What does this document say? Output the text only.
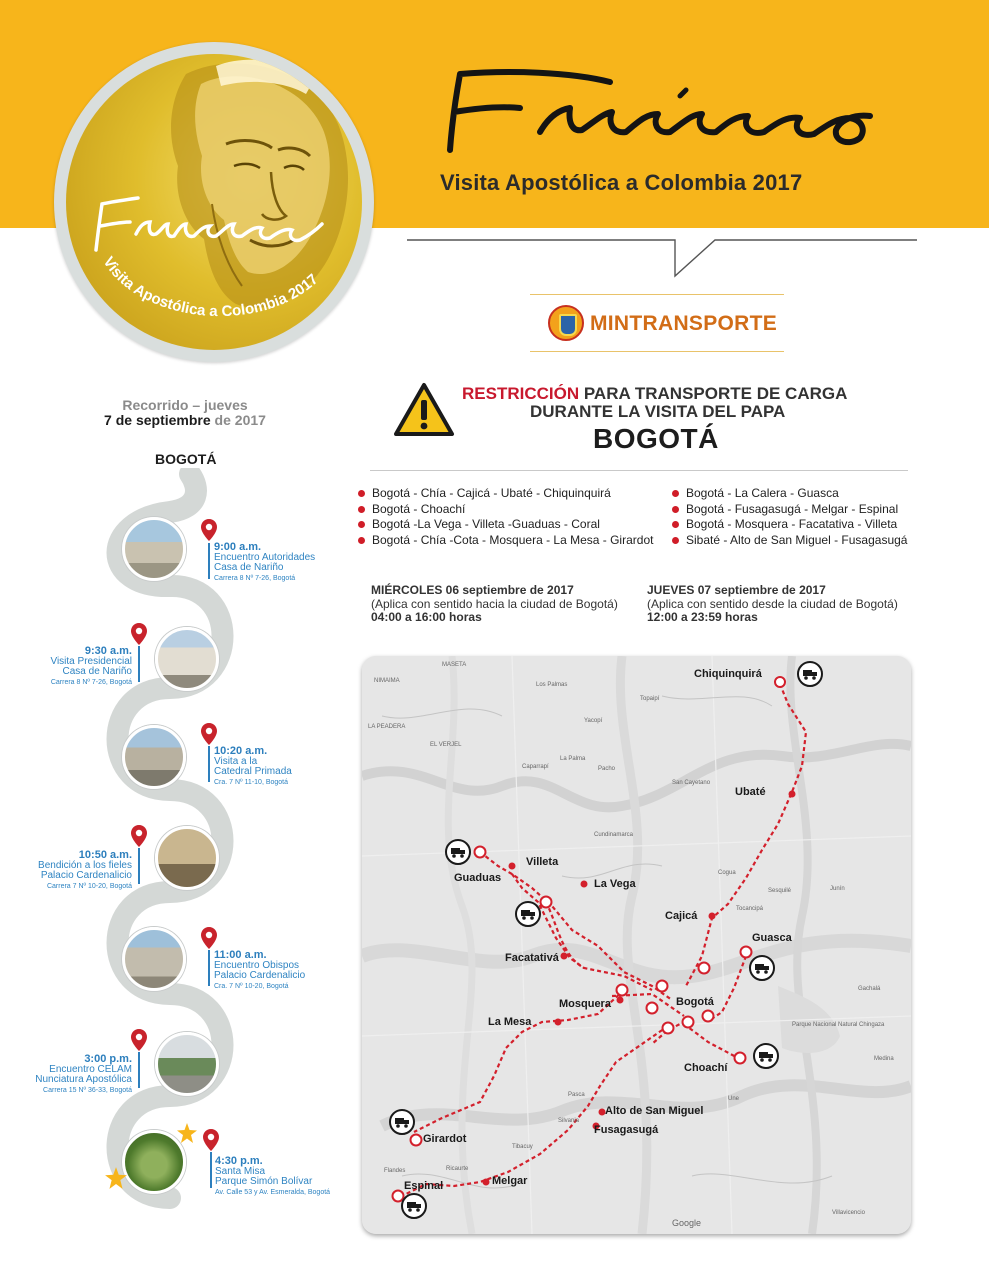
Visita Apostólica a Colombia 2017
Visita Apostólica a Colombia 2017
MINTRANSPORTE
RESTRICCIÓN PARA TRANSPORTE DE CARGA
DURANTE LA VISITA DEL PAPA
BOGOTÁ
Bogotá - Chía - Cajicá - Ubaté - Chiquinquirá
Bogotá - Choachí
Bogotá -La Vega - Villeta -Guaduas - Coral
Bogotá - Chía -Cota - Mosquera - La Mesa - Girardot
Bogotá - La Calera - Guasca
Bogotá - Fusagasugá - Melgar - Espinal
Bogotá - Mosquera - Facatativa - Villeta
Sibaté - Alto de San Miguel - Fusagasugá
MIÉRCOLES 06 septiembre de 2017
(Aplica con sentido hacia la ciudad de Bogotá)
04:00 a 16:00 horas
JUEVES 07 septiembre de 2017
(Aplica con sentido desde la ciudad de Bogotá)
12:00 a 23:59 horas
Chiquinquirá
Ubaté
Guaduas
Villeta
La Vega
Cajicá
Guasca
Facatativá
Mosquera	Bogotá
La Mesa
Choachí
Alto de San Miguel
Fusagasugá
Girardot
Melgar
Espinal
MASETA
NIMAIMA
LA PEADERA
EL VERJEL
Los Palmas
Topaipí
Caparrapí
La Palma
Yacopí
Pacho
San Cayetano
Cogua
Tocancipá
Sesquilé	Junín
Gachalá
Medina
Une
Pasca
Silvania
Tibacuy
Ricaurte
Flandes
Villavicencio
Parque Nacional Natural Chingaza
Google
Cundinamarca
Recorrido – jueves
7 de septiembre de 2017
BOGOTÁ
9:00 a.m.
Encuentro Autoridades
Casa de Nariño
Carrera 8 Nº 7-26, Bogotá
9:30 a.m.
Visita Presidencial
Casa de Nariño
Carrera 8 Nº 7-26, Bogotá
10:20 a.m.
Visita a la
Catedral Primada
Cra. 7 Nº 11-10, Bogotá
10:50 a.m.
Bendición a los fieles
Palacio Cardenalicio
Carrera 7 Nº 10-20, Bogotá
11:00 a.m.
Encuentro Obispos
Palacio Cardenalicio
Cra. 7 Nº 10-20, Bogotá
3:00 p.m.
Encuentro CELAM
Nunciatura Apostólica
Carrera 15 Nº 36-33, Bogotá
4:30 p.m.
Santa Misa
Parque Simón Bolívar
Av. Calle 53 y Av. Esmeralda, Bogotá
